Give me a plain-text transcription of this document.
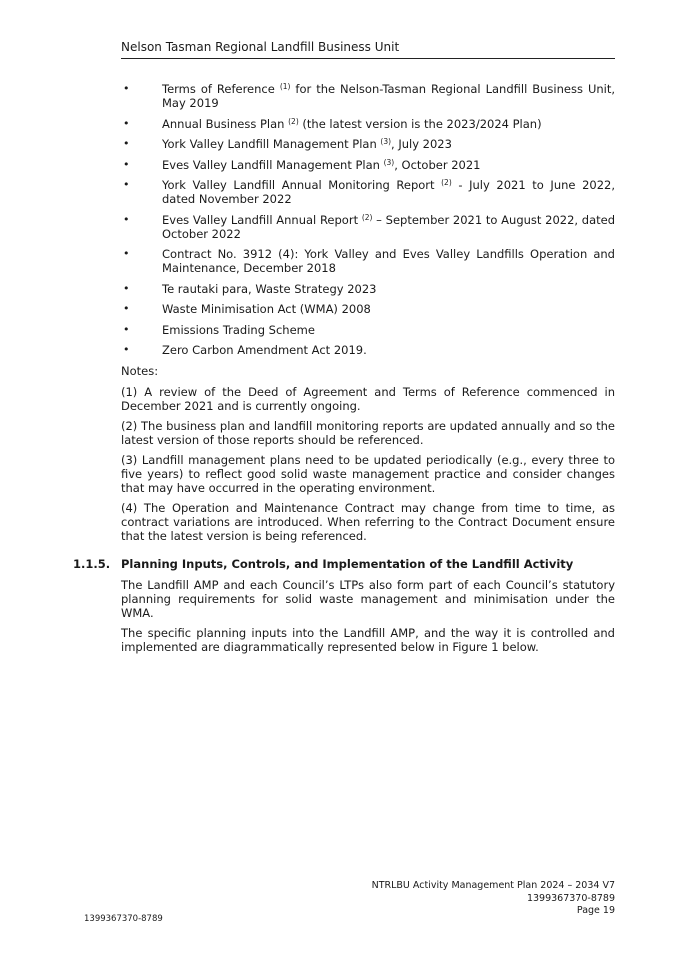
Nelson Tasman Regional Landfill Business Unit
•	Terms of Reference $^{(1)}$ for the Nelson-Tasman Regional Landfill Business Unit, May 2019
•	Annual Business Plan $^{(2)}$ (the latest version is the 2023/2024 Plan)
•	York Valley Landfill Management Plan $^{(3)}$, July 2023
•	Eves Valley Landfill Management Plan $^{(3)}$, October 2021
•	York Valley Landfill Annual Monitoring Report $^{(2)}$ - July 2021 to June 2022, dated November 2022
•	Eves Valley Landfill Annual Report $^{(2)}$ – September 2021 to August 2022, dated October 2022
•	Contract No. 3912 (4): York Valley and Eves Valley Landfills Operation and Maintenance, December 2018
•	Te rautaki para, Waste Strategy 2023
•	Waste Minimisation Act (WMA) 2008
•	Emissions Trading Scheme
•	Zero Carbon Amendment Act 2019.
Notes:

(1) A review of the Deed of Agreement and Terms of Reference commenced in December 2021 and is currently ongoing.

(2) The business plan and landfill monitoring reports are updated annually and so the latest version of those reports should be referenced.

(3) Landfill management plans need to be updated periodically (e.g., every three to five years) to reflect good solid waste management practice and consider changes that may have occurred in the operating environment.

(4) The Operation and Maintenance Contract may change from time to time, as contract variations are introduced. When referring to the Contract Document ensure that the latest version is being referenced.

1.1.5. Planning Inputs, Controls, and Implementation of the Landfill Activity

The Landfill AMP and each Council’s LTPs also form part of each Council’s statutory planning requirements for solid waste management and minimisation under the WMA.

The specific planning inputs into the Landfill AMP, and the way it is controlled and implemented are diagrammatically represented below in Figure 1 below.

NTRLBU Activity Management Plan 2024 – 2034 V7
1399367370-8789
Page 19
1399367370-8789
